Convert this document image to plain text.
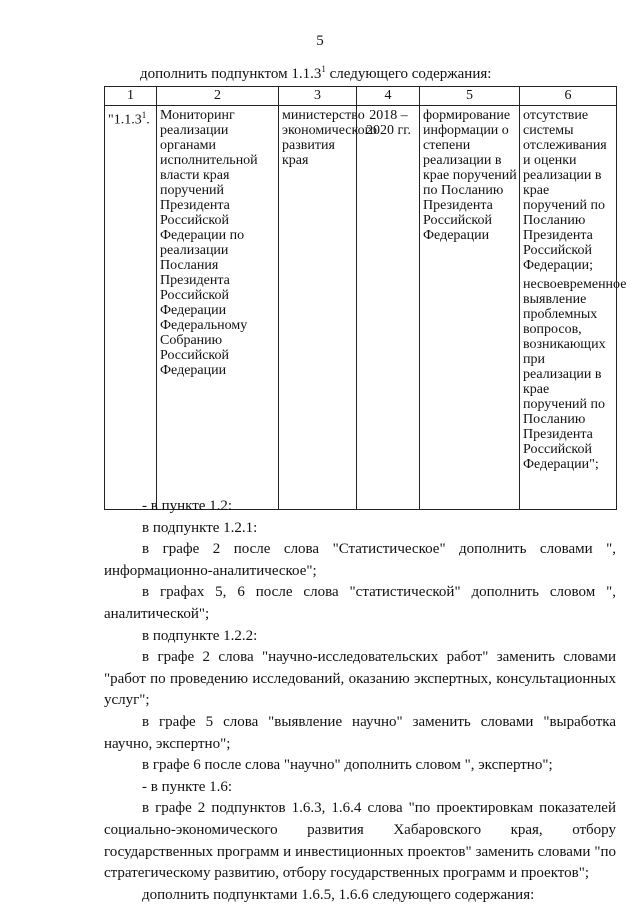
5
дополнить подпунктом 1.1.3$^1$ следующего содержания:
1	2	3	4	5	6

"1.1.3$^1$.	Мониторинг реализации органами исполнительной власти края поручений Президента Российской Федерации по реализации Послания Президента Российской Федерации Федеральному Собранию Российской Федерации	министерство экономического развития края	2018 – 2020 гг.	формирование информации о степени реализации в крае поручений по Посланию Президента Российской Федерации	отсутствие системы отслеживания и оценки реализации в крае поручений по Посланию Президента Российской Федерации;
несвоевременное выявление проблемных вопросов, возникающих при реализации в крае поручений по Посланию Президента Российской Федерации";

- в пункте 1.2:

в подпункте 1.2.1:

в графе 2 после слова "Статистическое" дополнить словами ", информационно-аналитическое";

в графах 5, 6 после слова "статистической" дополнить словом ", аналитической";

в подпункте 1.2.2:

в графе 2 слова "научно-исследовательских работ" заменить словами "работ по проведению исследований, оказанию экспертных, консультационных услуг";

в графе 5 слова "выявление научно" заменить словами "выработка научно, экспертно";

в графе 6 после слова "научно" дополнить словом ", экспертно";

- в пункте 1.6:

в графе 2 подпунктов 1.6.3, 1.6.4 слова "по проектировкам показателей социально-экономического развития Хабаровского края, отбору государственных программ и инвестиционных проектов" заменить словами "по стратегическому развитию, отбору государственных программ и проектов";

дополнить подпунктами 1.6.5, 1.6.6 следующего содержания:
